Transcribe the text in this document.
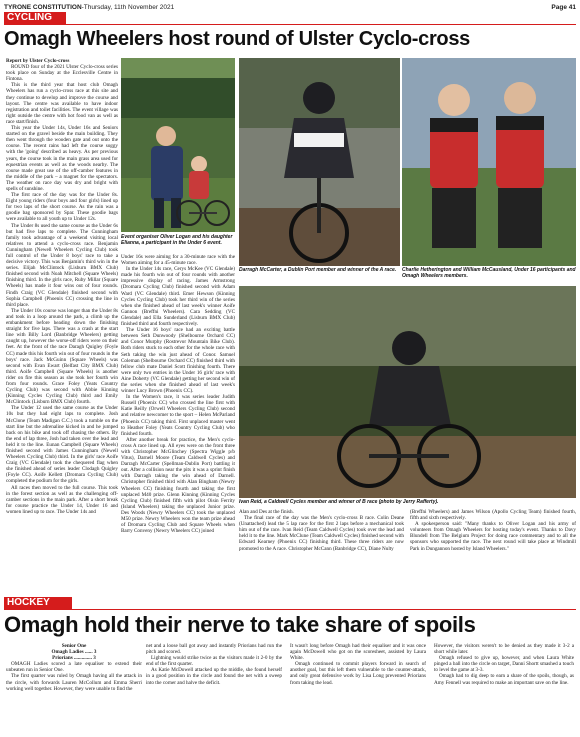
TYRONE CONSTITUTION-Thursday, 11th November 2021	Page 41
CYCLING
Omagh Wheelers host round of Ulster Cyclo-cross

Report by Ulster Cyclo-cross

ROUND four of the 2021 Ulster Cyclo-cross series took place on Sunday at the Ecclesville Centre in Fintona.

This is the third year that host club Omagh Wheelers has run a cyclo-cross race at this site and they continue to develop and improve the course and layout. The centre was available to have indoor registration and toilet facilities. The event village was right outside the centre with hot food van as well as race start/finish.

This year the Under 14s, Under 16s and Seniors started on the gravel beside the main building. They then went through the wooden gate and out onto the course. The recent rains had left the course soggy with the 'going' described as heavy. As per previous years, the course took in the main grass area used for equestrian events as well as the woods nearby. The course made great use of the off-camber features in the middle of the park – a magnet for the spectators. The weather on race day was dry and bright with spells of sunshine.

The first race of the day was for the Under 8s. Eight young riders (four boys and four girls) lined up for two laps of the short course. As the rain was a goodie bag sponsored by Spar. These goodie bags were available to all youth up to Under 12s.

The Under 8s used the same course as the Under 6s but had five laps to complete. The Cunningham family took advantage of a weekend visiting local relatives to attend a cyclo-cross race. Benjamin Cunningham (Newell Wheelers Cycling Club) took full control of the Under 8 boys' race to take a decisive victory. This was Benjamin's third win in the series. Elijah McClintock (Lisburn BMX Club) finished second with Noah Mitchell (Square Wheels) finishing third. In the girls race, Ruby Millar (Square Wheels) has made it four wins out of four rounds. Findh Craig (VC Glendale) finished second with Sophia Campbell (Phoenix CC) crossing the line in third place.

The Under 10s course was longer than the Under 8s and took in a loop around the park, a climb up the embankment before heading down the finishing straight for five laps. There was a crash at the start line with Billy Lord (Banbridge Wheelers) getting caught up, however the worse-off riders were on their feet. At the front of the race Daragh Quigley (Foyle CC) made this his fourth win out of four rounds in the boys' race. Jack McGuinn (Square Wheels) was second with Evan Ewart (Belfast City BMX Club) third. Aoife Campbell (Square Wheels) is another rider on fire this season as she took her fourth win from four rounds. Grace Foley (Yeats Country Cycling Club) was second with Abbie Kinning (Kinning Cycles Cycling Club) third and Emily McClintock (Lisburn BMX Club) fourth.

The Under 12 used the same course as the Under 10s but they had eight laps to complete. Josh McClone (Team Madigan C.C.) took a tumble on the start line but the adrenaline kicked in and he jumped back on his bike and took off chasing the others. By the end of lap three, Josh had taken over the lead and held it to the line. Eunan Campbell (Square Wheels) finished second with James Cunningham (Newell Wheelers Cycling Club) third. In the girls' race Aoife Craig (VC Glendale) took the chequered flag when she finished ahead of series leader Clodagh Quigley (Foyle CC). Aoife Kellett (Dromara Cycling Club) completed the podium for the girls.

All races then moved to the full course. This took in the forest section as well as the challenging off-camber sections in the main park. After a short break for course practice the Under 14, Under 16 and women lined up to race. The Under 14s and

Event organiser Oliver Logan and his daughter Elianna, a participant in the Under 6 event.

Under 16s were aiming for a 30-minute race with the Women aiming for a 45-minute race.

In the Under 14s race, Cerys McKee (VC Glendale) made his fourth win out of four rounds with another impressive display of racing. James Armstrong (Dromara Cycling Club) finished second with Adam Ward (VC Glendale) third. Emer Hewson (Kinning Cycles Cycling Club) took her third win of the series when she finished ahead of last week's winner Aoife Gannon (Breffni Wheelers). Cara Sedding (VC Glendale) and Ella Sunderland (Lisburn BMX Club) finished third and fourth respectively.

The Under 16 boys' race had an exciting battle between Seth Dunwoody (Shelbourne Orchard CC) and Conor Murphy (Rostrevor Mountain Bike Club). Both riders stuck to each other for the whole race with Seth taking the win just ahead of Conor. Samuel Coleman (Shelbourne Orchard CC) finished third with fellow club mate Daniel Scott finishing fourth. There were only two entries in the Under 16 girls' race with Aine Doherty (VC Glendale) getting her second win of the series when she finished ahead of last week's winner Lucy Brown (Phoenix CC).

In the Women's race, it was series leader Judith Russell (Phoenix CC) who crossed the line first with Katie Reilly (Orwell Wheelers Cycling Club) second and relative newcomer to the sport – Helen McParland (Phoenix CC) taking third. First unplaced master went to Heather Foley (Yeats Country Cycling Club) who finished fourth.

After another break for practice, the Men's cyclo-cross A race lined up. All eyes were on the front three with Christopher McGlinchey (Spectra Wiggle p/b Vitus), Darnell Moore (Team Caldwell Cycles) and Darragh McCarter (Spellman-Dublin Port) battling it out. After a collision near the pits it was a sprint finish with Darragh taking the win ahead of Darnell. Christopher finished third with Alan Bingham (Newry Wheelers CC) finishing fourth and taking the first unplaced M40 prize. Glenn Kinning (Kinning Cycles Cycling Club) finished fifth with pilot Oisin Ferrity (Island Wheelers) taking the unplaced Junior prize. Des Woods (Newry Wheelers CC) took the unplaced M50 prize. Newry Wheelers won the team prize ahead of Dromara Cycling Club and Square Wheels when Barry Conveny (Newry Wheelers CC) joined

Darragh McCarter, a Dublin Port member and winner of the A race.	Charlie Hetherington and William McCausland, Under 16 participants and Omagh Wheelers members.
Ivan Reid, a Caldwell Cycles member and winner of B race (photo by Jerry Rafferty).

Alan and Des at the finish.

The final race of the day was the Men's cyclo-cross B race. Colin Deane (Unattached) lead the 5 lap race for the first 2 laps before a mechanical took him out of the race. Ivan Reid (Team Caldwell Cycles) took over the lead and held it to the line. Mark McClune (Team Caldwell Cycles) finished second with Edward Kearney (Phoenix CC) finishing third. These three riders are now promoted to the A race. Christopher McCann (Banbridge CC), Diane Nulty

(Breffni Wheelers) and James Wilson (Apollo Cycling Team) finished fourth, fifth and sixth respectively.

A spokesperson said: "Many thanks to Oliver Logan and his army of volunteers from Omagh Wheelers for hosting today's event. Thanks to Davy Blundell from The Belgium Project for doing race commentary and to all the sponsors who supported the race. The next round will take place at Windmill Park in Dungannon hosted by Island Wheelers."

HOCKEY
Omagh hold their nerve to take share of spoils

Senior One

Omagh Ladies ...... 3

Priorians .............. 3

OMAGH Ladies scored a late equaliser to extend their unbeaten run in Senior One.

The first quarter was ruled by Omagh having all the attack in the circle, with forwards Lauren McCollum and Emma Sherri working well together. However, they were unable to find the

net and a loose ball got away and instantly Priorians had run the pitch and scored.

Lightning would strike twice as the visitors made it 2-0 by the end of the first quarter.

As Katie McDowell attacked up the middle, she found herself in a good position in the circle and found the net with a sweep into the corner and halve the deficit.

It wasn't long before Omagh had their equaliser and it was once again McDowell who got on the scoresheet, assisted by Laura White.

Omagh continued to commit players forward in search of another goal, but this left them vulnerable to the counter-attack, and only great defensive work by Lisa Long prevented Priorians from taking the lead.

However, the visitors weren't to be denied as they made it 3-2 a short while later.

Omagh refused to give up, however, and when Laura White pinged a ball into the circle on target, Danni Shortt smashed a touch to level the game at 3-3.

Omagh had to dig deep to earn a share of the spoils, though, as Amy Fennell was required to make an important save on the line.
